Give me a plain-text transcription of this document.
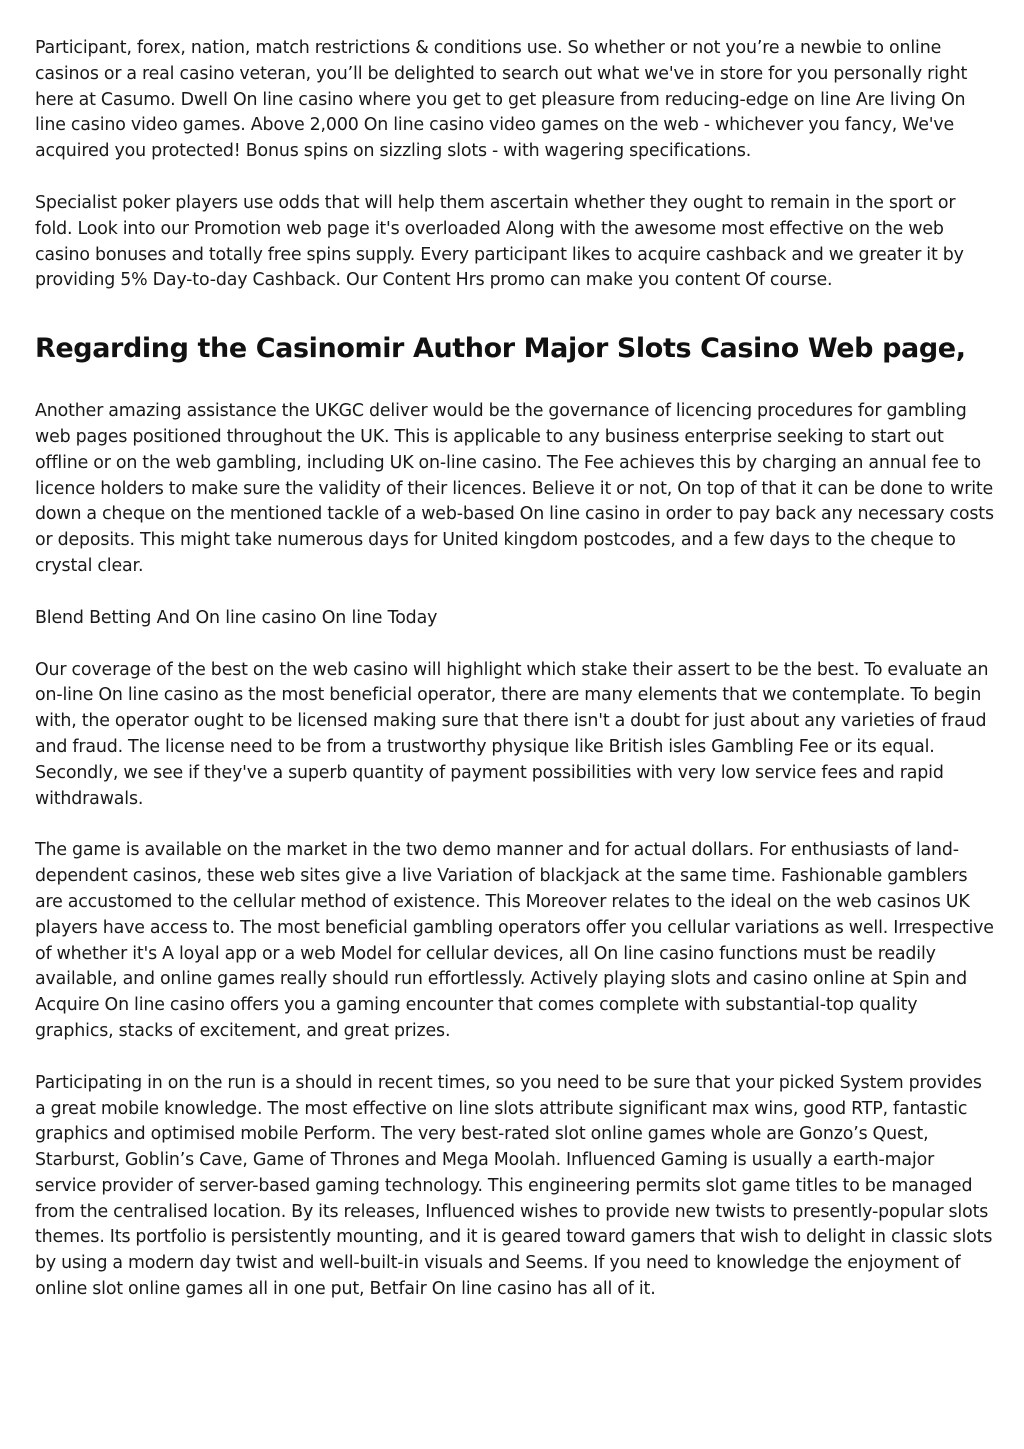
Participant, forex, nation, match restrictions & conditions use. So whether or not you’re a newbie to online casinos or a real casino veteran, you’ll be delighted to search out what we've in store for you personally right here at Casumo. Dwell On line casino where you get to get pleasure from reducing-edge on line Are living On line casino video games. Above 2,000 On line casino video games on the web - whichever you fancy, We've acquired you protected! Bonus spins on sizzling slots - with wagering specifications.

Specialist poker players use odds that will help them ascertain whether they ought to remain in the sport or fold. Look into our Promotion web page it's overloaded Along with the awesome most effective on the web casino bonuses and totally free spins supply. Every participant likes to acquire cashback and we greater it by providing 5% Day-to-day Cashback. Our Content Hrs promo can make you content Of course.

Regarding the Casinomir Author Major Slots Casino Web page,

Another amazing assistance the UKGC deliver would be the governance of licencing procedures for gambling web pages positioned throughout the UK. This is applicable to any business enterprise seeking to start out offline or on the web gambling, including UK on-line casino. The Fee achieves this by charging an annual fee to licence holders to make sure the validity of their licences. Believe it or not, On top of that it can be done to write down a cheque on the mentioned tackle of a web-based On line casino in order to pay back any necessary costs or deposits. This might take numerous days for United kingdom postcodes, and a few days to the cheque to crystal clear.

Blend Betting And On line casino On line Today

Our coverage of the best on the web casino will highlight which stake their assert to be the best. To evaluate an on-line On line casino as the most beneficial operator, there are many elements that we contemplate. To begin with, the operator ought to be licensed making sure that there isn't a doubt for just about any varieties of fraud and fraud. The license need to be from a trustworthy physique like British isles Gambling Fee or its equal. Secondly, we see if they've a superb quantity of payment possibilities with very low service fees and rapid withdrawals.

The game is available on the market in the two demo manner and for actual dollars. For enthusiasts of land-dependent casinos, these web sites give a live Variation of blackjack at the same time. Fashionable gamblers are accustomed to the cellular method of existence. This Moreover relates to the ideal on the web casinos UK players have access to. The most beneficial gambling operators offer you cellular variations as well. Irrespective of whether it's A loyal app or a web Model for cellular devices, all On line casino functions must be readily available, and online games really should run effortlessly. Actively playing slots and casino online at Spin and Acquire On line casino offers you a gaming encounter that comes complete with substantial-top quality graphics, stacks of excitement, and great prizes.

Participating in on the run is a should in recent times, so you need to be sure that your picked System provides a great mobile knowledge. The most effective on line slots attribute significant max wins, good RTP, fantastic graphics and optimised mobile Perform. The very best-rated slot online games whole are Gonzo’s Quest, Starburst, Goblin’s Cave, Game of Thrones and Mega Moolah. Influenced Gaming is usually a earth-major service provider of server-based gaming technology. This engineering permits slot game titles to be managed from the centralised location. By its releases, Influenced wishes to provide new twists to presently-popular slots themes. Its portfolio is persistently mounting, and it is geared toward gamers that wish to delight in classic slots by using a modern day twist and well-built-in visuals and Seems. If you need to knowledge the enjoyment of online slot online games all in one put, Betfair On line casino has all of it.
